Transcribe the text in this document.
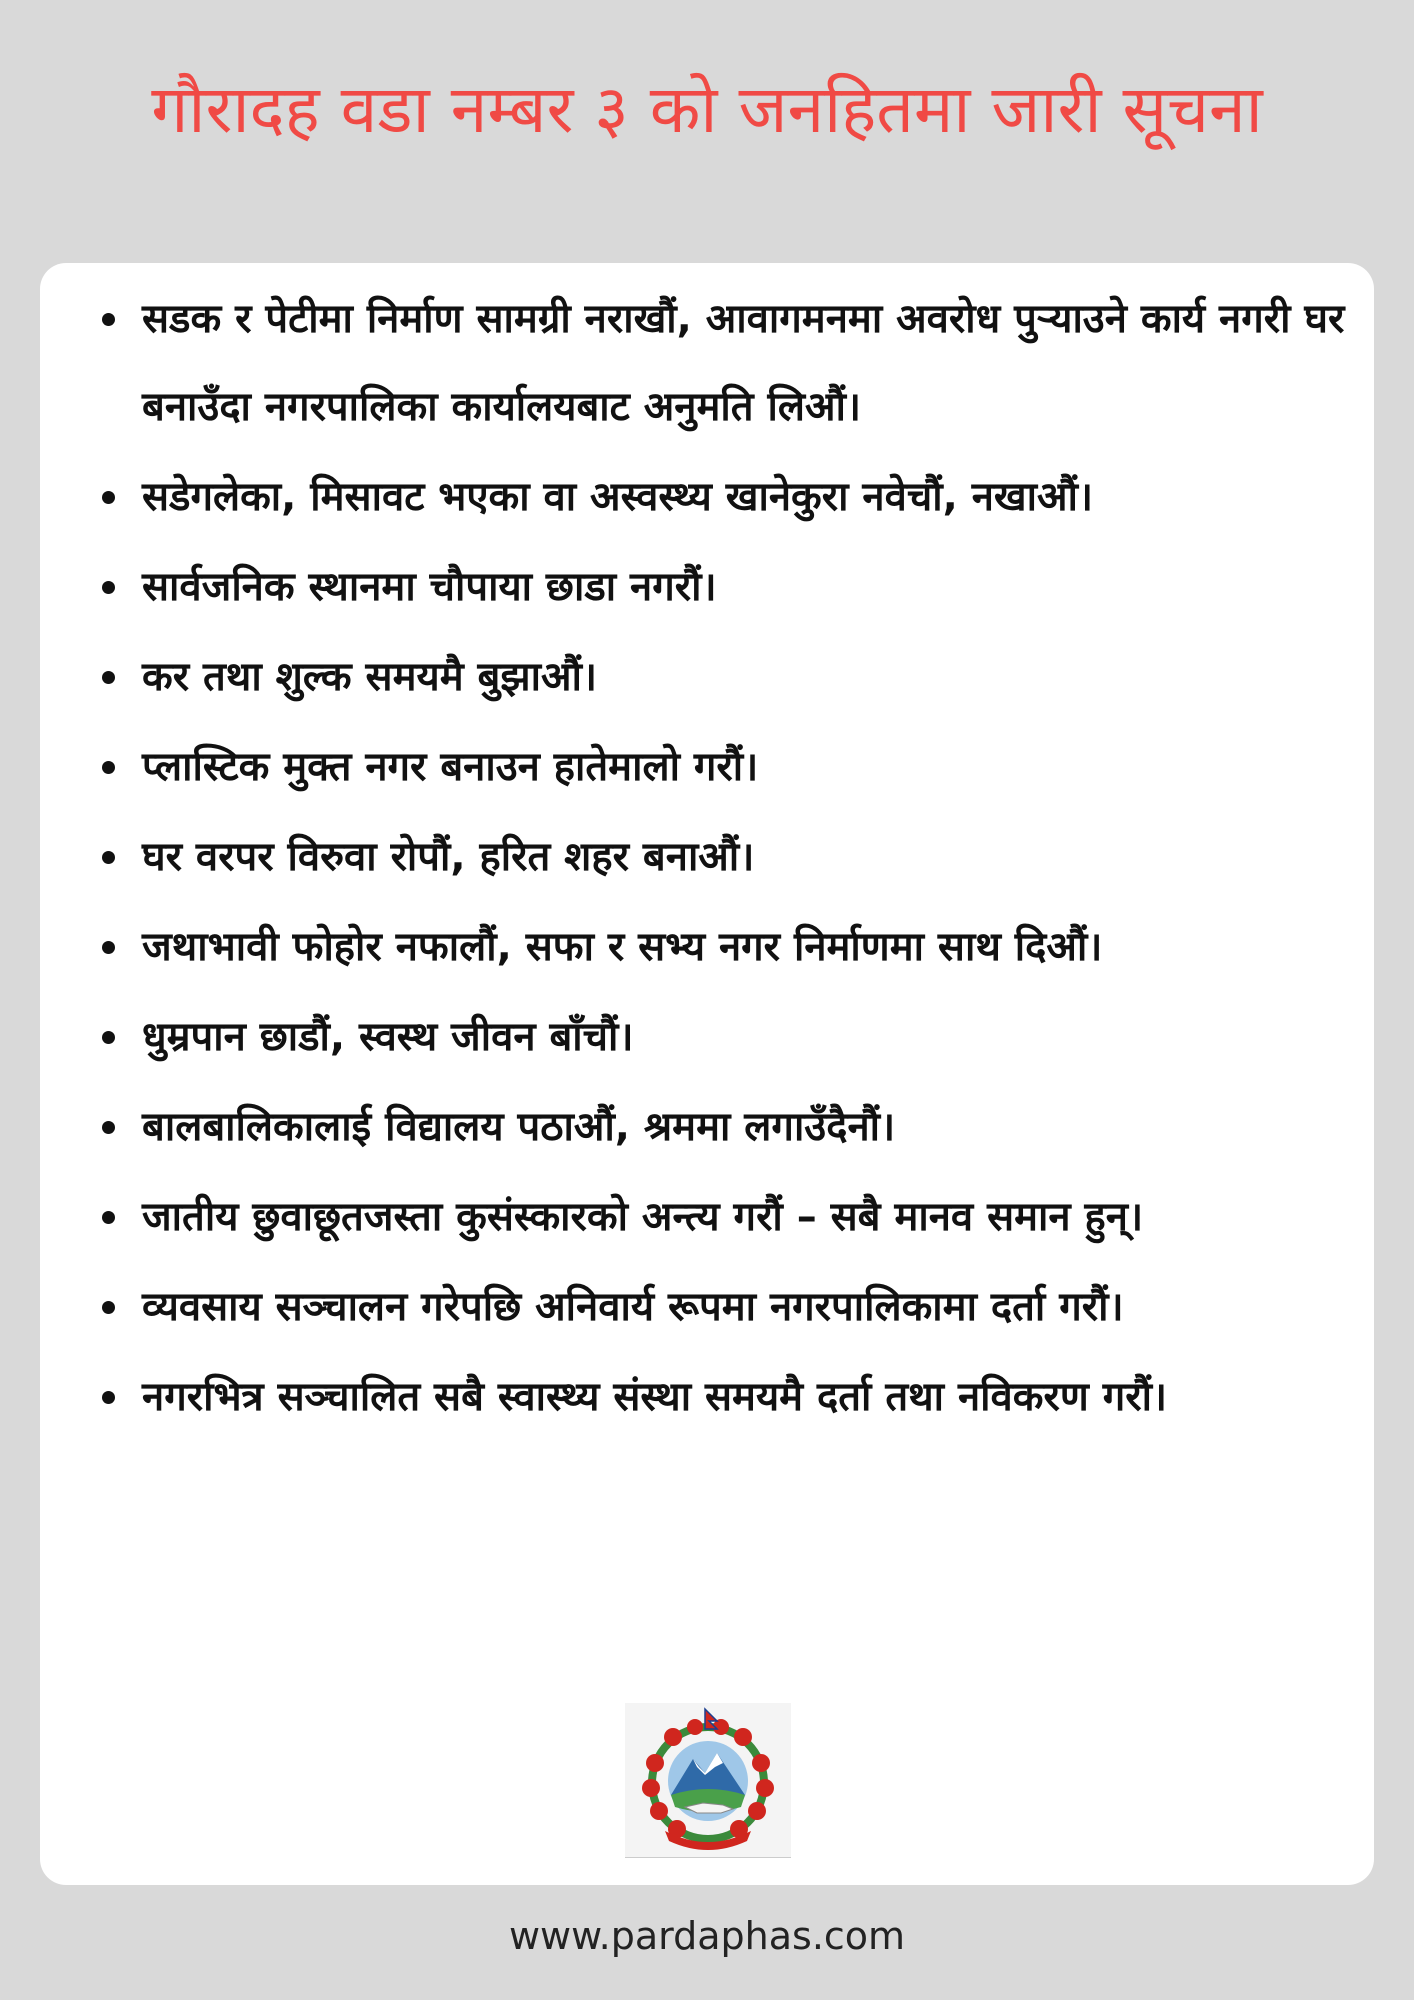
गौरादह वडा नम्बर ३ को जनहितमा जारी सूचना
सडक र पेटीमा निर्माण सामग्री नराखौं, आवागमनमा अवरोध पुऱ्याउने कार्य नगरी घर बनाउँदा नगरपालिका कार्यालयबाट अनुमति लिऔं।
सडेगलेका, मिसावट भएका वा अस्वस्थ्य खानेकुरा नवेचौं, नखाऔं।
सार्वजनिक स्थानमा चौपाया छाडा नगरौं।
कर तथा शुल्क समयमै बुझाऔं।
प्लास्टिक मुक्त नगर बनाउन हातेमालो गरौं।
घर वरपर विरुवा रोपौं, हरित शहर बनाऔं।
जथाभावी फोहोर नफालौं, सफा र सभ्य नगर निर्माणमा साथ दिऔं।
धुम्रपान छाडौं, स्वस्थ जीवन बाँचौं।
बालबालिकालाई विद्यालय पठाऔं, श्रममा लगाउँदैनौं।
जातीय छुवाछूतजस्ता कुसंस्कारको अन्त्य गरौं – सबै मानव समान हुन्।
व्यवसाय सञ्चालन गरेपछि अनिवार्य रूपमा नगरपालिकामा दर्ता गरौं।
नगरभित्र सञ्चालित सबै स्वास्थ्य संस्था समयमै दर्ता तथा नविकरण गरौं।
www.pardaphas.com
